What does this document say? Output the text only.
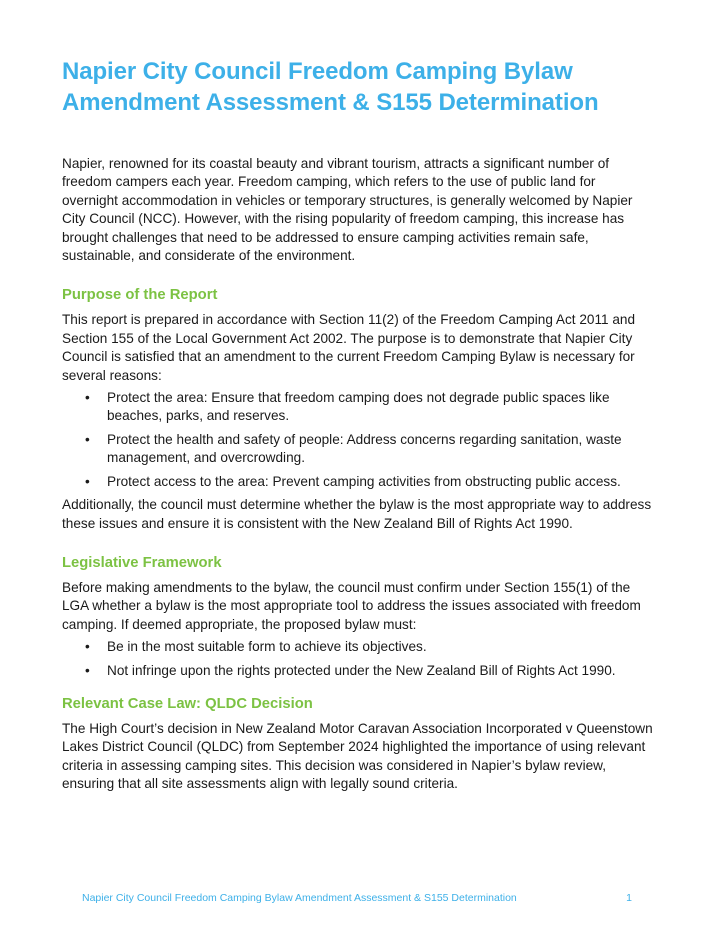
Napier City Council Freedom Camping Bylaw Amendment Assessment & S155 Determination

Napier, renowned for its coastal beauty and vibrant tourism, attracts a significant number of freedom campers each year. Freedom camping, which refers to the use of public land for overnight accommodation in vehicles or temporary structures, is generally welcomed by Napier City Council (NCC). However, with the rising popularity of freedom camping, this increase has brought challenges that need to be addressed to ensure camping activities remain safe, sustainable, and considerate of the environment.

Purpose of the Report

This report is prepared in accordance with Section 11(2) of the Freedom Camping Act 2011 and Section 155 of the Local Government Act 2002. The purpose is to demonstrate that Napier City Council is satisfied that an amendment to the current Freedom Camping Bylaw is necessary for several reasons:

• Protect the area: Ensure that freedom camping does not degrade public spaces like beaches, parks, and reserves.
• Protect the health and safety of people: Address concerns regarding sanitation, waste management, and overcrowding.
• Protect access to the area: Prevent camping activities from obstructing public access.

Additionally, the council must determine whether the bylaw is the most appropriate way to address these issues and ensure it is consistent with the New Zealand Bill of Rights Act 1990.

Legislative Framework

Before making amendments to the bylaw, the council must confirm under Section 155(1) of the LGA whether a bylaw is the most appropriate tool to address the issues associated with freedom camping. If deemed appropriate, the proposed bylaw must:

• Be in the most suitable form to achieve its objectives.
• Not infringe upon the rights protected under the New Zealand Bill of Rights Act 1990.
Relevant Case Law: QLDC Decision

The High Court’s decision in New Zealand Motor Caravan Association Incorporated v Queenstown Lakes District Council (QLDC) from September 2024 highlighted the importance of using relevant criteria in assessing camping sites. This decision was considered in Napier’s bylaw review, ensuring that all site assessments align with legally sound criteria.

Napier City Council Freedom Camping Bylaw Amendment Assessment & S155 Determination	1
